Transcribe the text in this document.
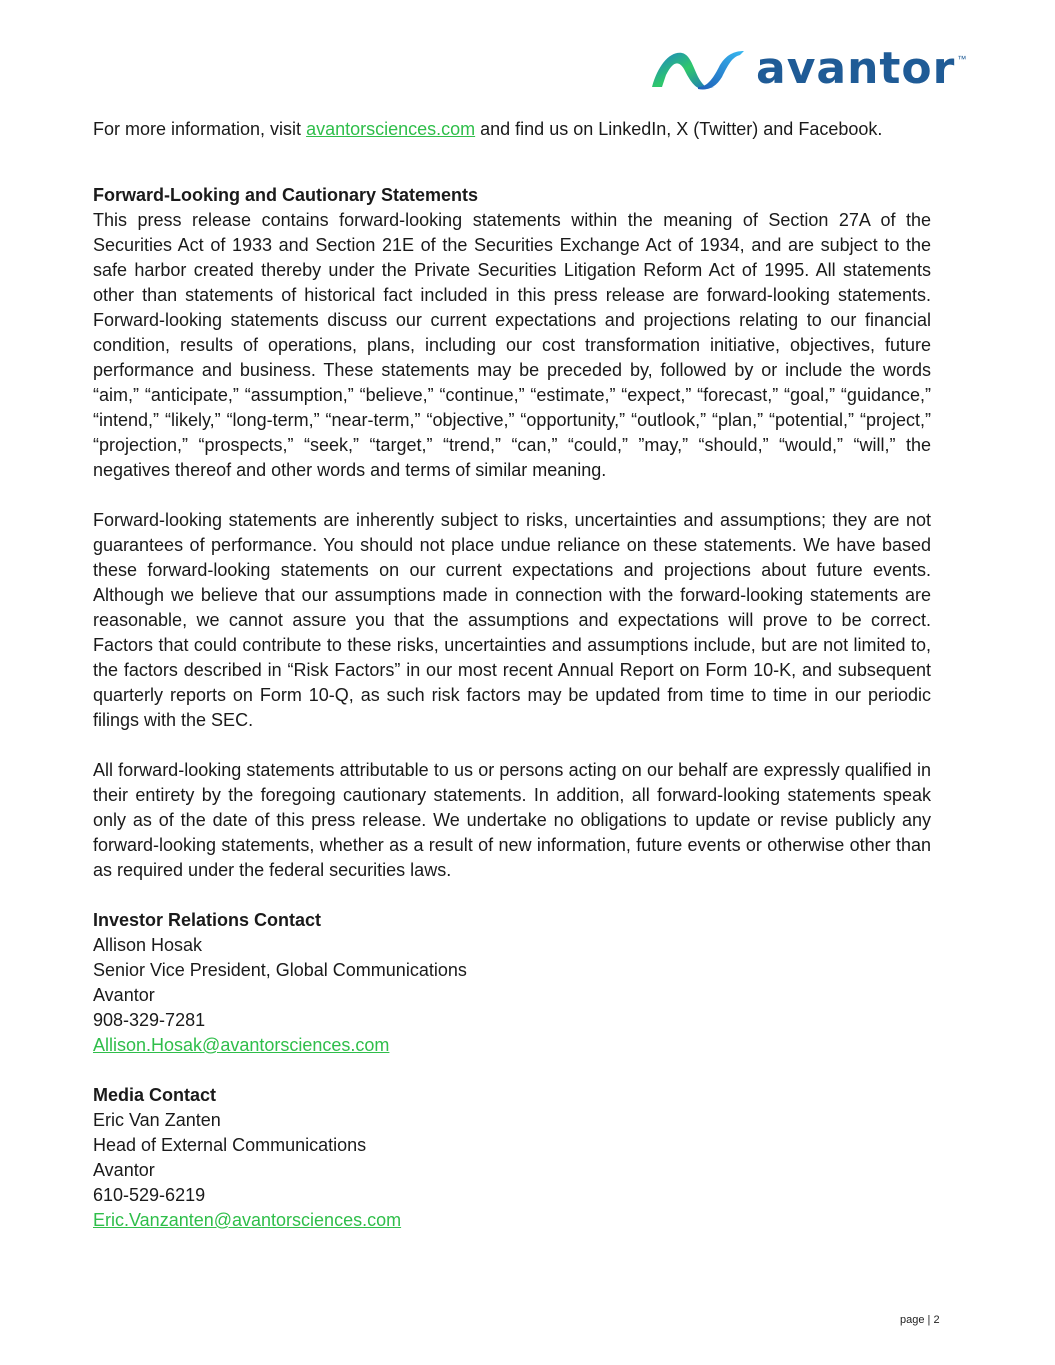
avantor ™

For more information, visit avantorsciences.com and find us on LinkedIn, X (Twitter) and Facebook.

Forward-Looking and Cautionary Statements

This press release contains forward-looking statements within the meaning of Section 27A of the Securities Act of 1933 and Section 21E of the Securities Exchange Act of 1934, and are subject to the safe harbor created thereby under the Private Securities Litigation Reform Act of 1995. All statements other than statements of historical fact included in this press release are forward-looking statements. Forward-looking statements discuss our current expectations and projections relating to our financial condition, results of operations, plans, including our cost transformation initiative, objectives, future performance and business. These statements may be preceded by, followed by or include the words “aim,” “anticipate,” “assumption,” “believe,” “continue,” “estimate,” “expect,” “forecast,” “goal,” “guidance,” “intend,” “likely,” “long-term,” “near-term,” “objective,” “opportunity,” “outlook,” “plan,” “potential,” “project,” “projection,” “prospects,” “seek,” “target,” “trend,” “can,” “could,” ”may,” “should,” “would,” “will,” the negatives thereof and other words and terms of similar meaning.

Forward-looking statements are inherently subject to risks, uncertainties and assumptions; they are not guarantees of performance. You should not place undue reliance on these statements. We have based these forward-looking statements on our current expectations and projections about future events. Although we believe that our assumptions made in connection with the forward-looking statements are reasonable, we cannot assure you that the assumptions and expectations will prove to be correct. Factors that could contribute to these risks, uncertainties and assumptions include, but are not limited to, the factors described in “Risk Factors” in our most recent Annual Report on Form 10-K, and subsequent quarterly reports on Form 10-Q, as such risk factors may be updated from time to time in our periodic filings with the SEC.

All forward-looking statements attributable to us or persons acting on our behalf are expressly qualified in their entirety by the foregoing cautionary statements. In addition, all forward-looking statements speak only as of the date of this press release. We undertake no obligations to update or revise publicly any forward-looking statements, whether as a result of new information, future events or otherwise other than as required under the federal securities laws.

Investor Relations Contact
Allison Hosak
Senior Vice President, Global Communications
Avantor
908-329-7281
Allison.Hosak@avantorsciences.com
Media Contact
Eric Van Zanten
Head of External Communications
Avantor
610-529-6219
Eric.Vanzanten@avantorsciences.com
page | 2
